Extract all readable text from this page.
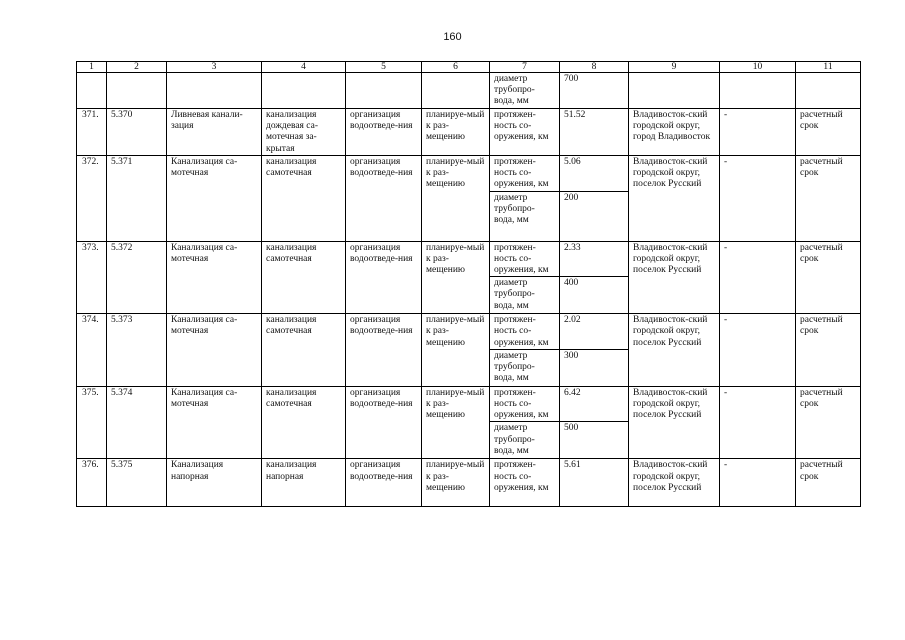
160
1	2	3	4	5	6	7	8	9	10	11
						диаметр трубопро-вода, мм	700			
371.	5.370	Ливневая канали-зация	канализация дождевая са-мотечная за-крытая	организация водоотведе-ния	планируе-мый к раз-мещению	протяжен-ность со-оружения, км	51.52	Владивосток-ский городской округ, город Владивосток	-	расчетный срок
372.	5.371	Канализация са-мотечная	канализация самотечная	организация водоотведе-ния	планируе-мый к раз-мещению	протяжен-ность со-оружения, км	5.06	Владивосток-ский городской округ, поселок Русский	-	расчетный срок
						диаметр трубопро-вода, мм	200			
373.	5.372	Канализация са-мотечная	канализация самотечная	организация водоотведе-ния	планируе-мый к раз-мещению	протяжен-ность со-оружения, км	2.33	Владивосток-ский городской округ, поселок Русский	-	расчетный срок
						диаметр трубопро-вода, мм	400			
374.	5.373	Канализация са-мотечная	канализация самотечная	организация водоотведе-ния	планируе-мый к раз-мещению	протяжен-ность со-оружения, км	2.02	Владивосток-ский городской округ, поселок Русский	-	расчетный срок
						диаметр трубопро-вода, мм	300			
375.	5.374	Канализация са-мотечная	канализация самотечная	организация водоотведе-ния	планируе-мый к раз-мещению	протяжен-ность со-оружения, км	6.42	Владивосток-ский городской округ, поселок Русский	-	расчетный срок
						диаметр трубопро-вода, мм	500			
376.	5.375	Канализация напорная	канализация напорная	организация водоотведе-ния	планируе-мый к раз-мещению	протяжен-ность со-оружения, км	5.61	Владивосток-ский городской округ, поселок Русский	-	расчетный срок
